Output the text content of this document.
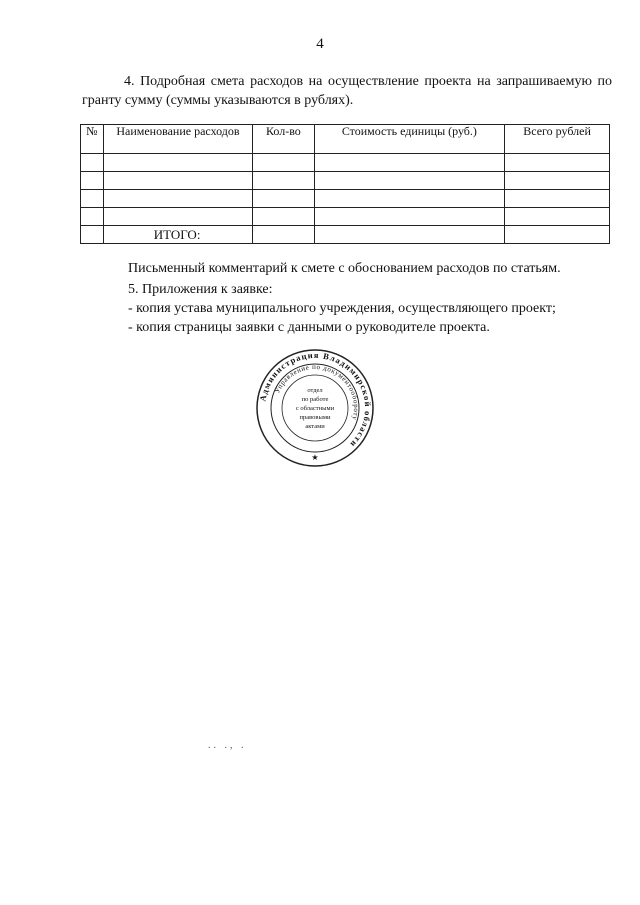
4
4. Подробная смета расходов на осуществление проекта на запрашиваемую по гранту сумму (суммы указываются в рублях).
№	Наименование расходов	Кол-во	Стоимость единицы (руб.)	Всего рублей

	ИТОГО:			
Письменный комментарий к смете с обоснованием расходов по статьям.
5. Приложения к заявке:
- копия устава муниципального учреждения, осуществляющего проект;
- копия страницы заявки с данными о руководителе проекта.
Администрация Владимирской области
Управление по документообороту
отдел
по работе
с областными
правовыми
актами
★
.. ., .
